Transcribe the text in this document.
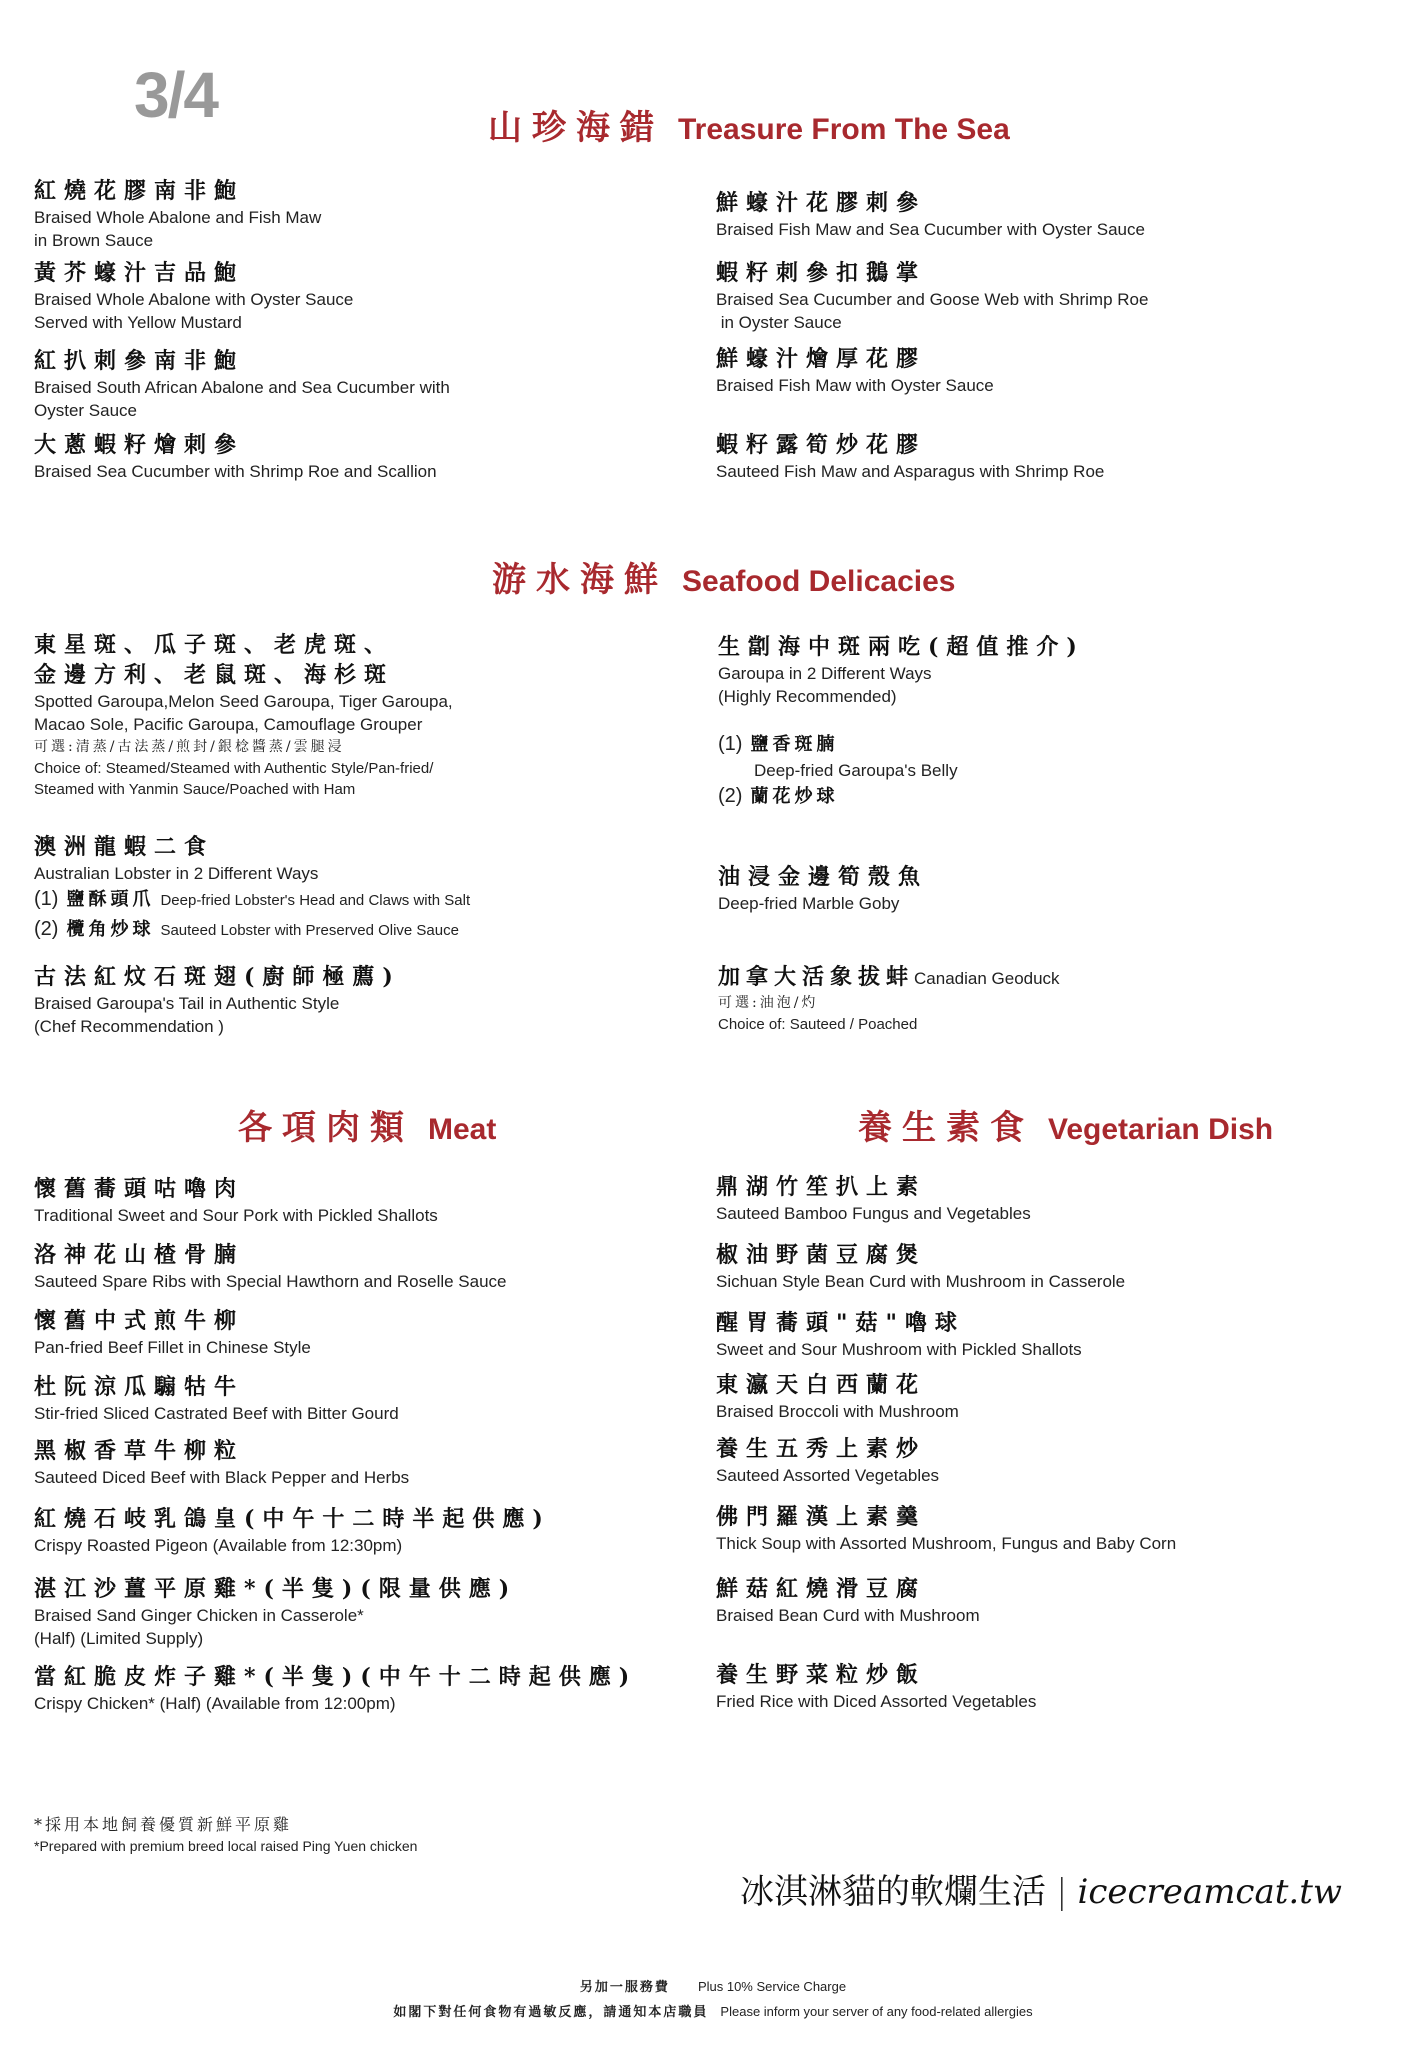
3/4	山珍海錯 Treasure From The Sea
紅燒花膠南非鮑
Braised Whole Abalone and Fish Maw
in Brown Sauce
黃芥蠔汁吉品鮑
Braised Whole Abalone with Oyster Sauce
Served with Yellow Mustard
紅扒刺參南非鮑
Braised South African Abalone and Sea Cucumber with
Oyster Sauce
大蔥蝦籽燴刺參
Braised Sea Cucumber with Shrimp Roe and Scallion
鮮蠔汁花膠刺參
Braised Fish Maw and Sea Cucumber with Oyster Sauce
蝦籽刺參扣鵝掌
Braised Sea Cucumber and Goose Web with Shrimp Roe
in Oyster Sauce
鮮蠔汁燴厚花膠
Braised Fish Maw with Oyster Sauce
蝦籽露筍炒花膠
Sauteed Fish Maw and Asparagus with Shrimp Roe
游水海鮮 Seafood Delicacies
東星斑、瓜子斑、老虎斑、
金邊方利、老鼠斑、海杉斑
Spotted Garoupa,Melon Seed Garoupa, Tiger Garoupa,
Macao Sole, Pacific Garoupa, Camouflage Grouper
可選:清蒸/古法蒸/煎封/銀棯醬蒸/雲腿浸
Choice of: Steamed/Steamed with Authentic Style/Pan-fried/
Steamed with Yanmin Sauce/Poached with Ham
澳洲龍蝦二食
Australian Lobster in 2 Different Ways
(1) 鹽酥頭爪 Deep-fried Lobster's Head and Claws with Salt
(2) 欖角炒球 Sauteed Lobster with Preserved Olive Sauce
古法紅炆石斑翅(廚師極薦)
Braised Garoupa's Tail in Authentic Style
(Chef Recommendation )
生劏海中斑兩吃(超值推介)
Garoupa in 2 Different Ways
(Highly Recommended)
(1) 鹽香斑腩
Deep-fried Garoupa's Belly
(2) 蘭花炒球
油浸金邊筍殼魚
Deep-fried Marble Goby
加拿大活象拔蚌Canadian Geoduck
可選:油泡/灼
Choice of: Sauteed / Poached
各項肉類 Meat
懷舊蕎頭咕嚕肉
Traditional Sweet and Sour Pork with Pickled Shallots
洛神花山楂骨腩
Sauteed Spare Ribs with Special Hawthorn and Roselle Sauce
懷舊中式煎牛柳
Pan-fried Beef Fillet in Chinese Style
杜阮涼瓜騸牯牛
Stir-fried Sliced Castrated Beef with Bitter Gourd
黑椒香草牛柳粒
Sauteed Diced Beef with Black Pepper and Herbs
紅燒石岐乳鴿皇(中午十二時半起供應)
Crispy Roasted Pigeon (Available from 12:30pm)
湛江沙薑平原雞*(半隻)(限量供應)
Braised Sand Ginger Chicken in Casserole*
(Half) (Limited Supply)
當紅脆皮炸子雞*(半隻)(中午十二時起供應)
Crispy Chicken* (Half) (Available from 12:00pm)
養生素食 Vegetarian Dish
鼎湖竹笙扒上素
Sauteed Bamboo Fungus and Vegetables
椒油野菌豆腐煲
Sichuan Style Bean Curd with Mushroom in Casserole
醒胃蕎頭"菇"嚕球
Sweet and Sour Mushroom with Pickled Shallots
東瀛天白西蘭花
Braised Broccoli with Mushroom
養生五秀上素炒
Sauteed Assorted Vegetables
佛門羅漢上素羹
Thick Soup with Assorted Mushroom, Fungus and Baby Corn
鮮菇紅燒滑豆腐
Braised Bean Curd with Mushroom
養生野菜粒炒飯
Fried Rice with Diced Assorted Vegetables
*採用本地飼養優質新鮮平原雞
*Prepared with premium breed local raised Ping Yuen chicken
冰淇淋貓的軟爛生活 | icecreamcat.tw
另加一服務費 Plus 10% Service Charge
如閣下對任何食物有過敏反應，請通知本店職員 Please inform your server of any food-related allergies
